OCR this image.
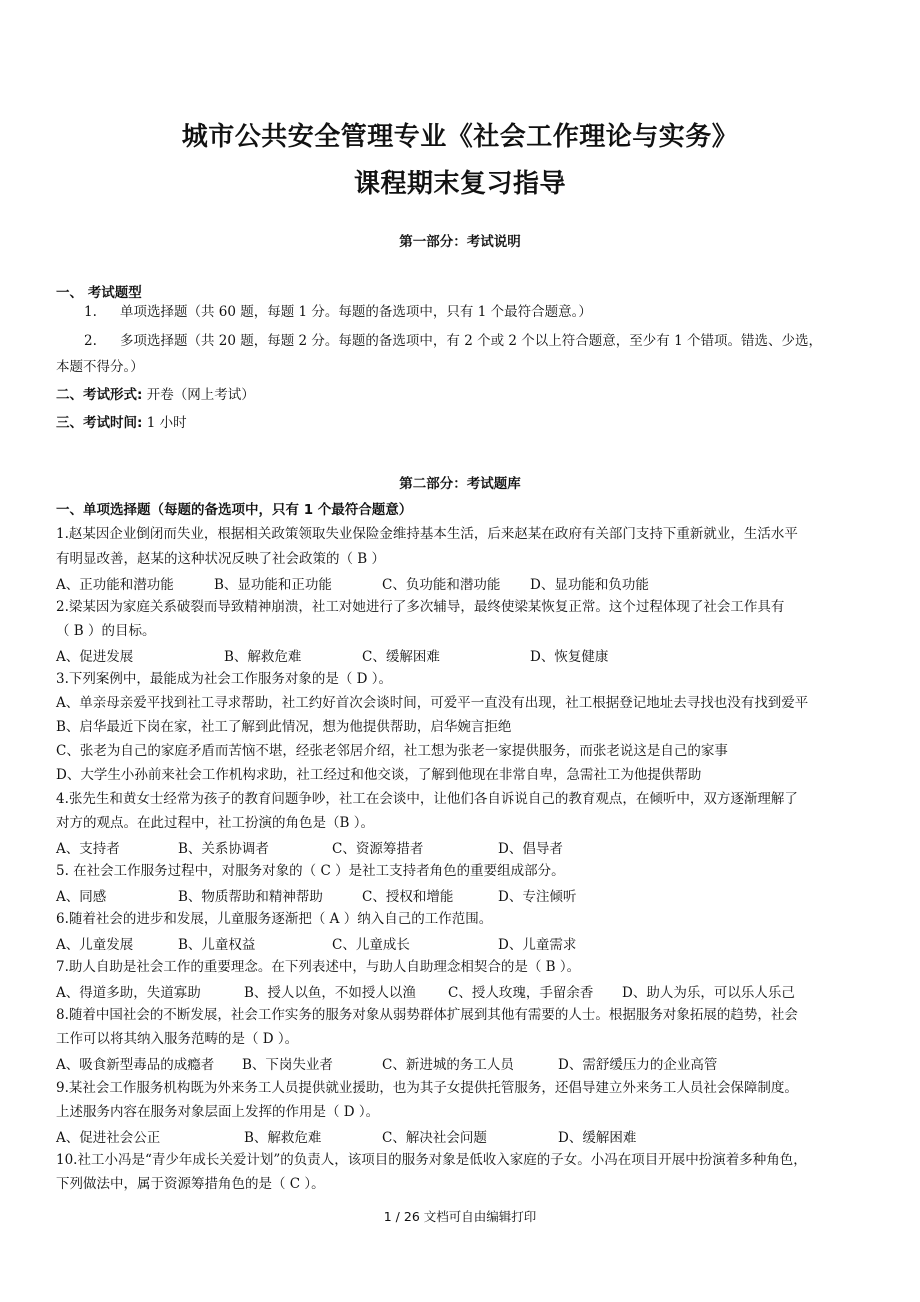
城市公共安全管理专业《社会工作理论与实务》
课程期末复习指导
第一部分：考试说明
一、 考试题型
1. 单项选择题（共 60 题，每题 1 分。每题的备选项中，只有 1 个最符合题意。）
2. 多项选择题（共 20 题，每题 2 分。每题的备选项中，有 2 个或 2 个以上符合题意，至少有 1 个错项。错选、少选，
本题不得分。）
二、考试形式: 开卷（网上考试）
三、考试时间: 1 小时
第二部分：考试题库
一、单项选择题（每题的备选项中，只有 1 个最符合题意）
1.赵某因企业倒闭而失业，根据相关政策领取失业保险金维持基本生活，后来赵某在政府有关部门支持下重新就业，生活水平
有明显改善，赵某的这种状况反映了社会政策的（ B ）
A、正功能和潜功能	B、显功能和正功能	C、负功能和潜功能 D、显功能和负功能
2.梁某因为家庭关系破裂而导致精神崩溃，社工对她进行了多次辅导，最终使梁某恢复正常。这个过程体现了社会工作具有
（ B ）的目标。
A、促进发展	B、解救危难	C、缓解困难	D、恢复健康
3.下列案例中，最能成为社会工作服务对象的是（ D ）。
A、单亲母亲爱平找到社工寻求帮助，社工约好首次会谈时间，可爱平一直没有出现，社工根据登记地址去寻找也没有找到爱平
B、启华最近下岗在家，社工了解到此情况，想为他提供帮助，启华婉言拒绝
C、张老为自己的家庭矛盾而苦恼不堪，经张老邻居介绍，社工想为张老一家提供服务，而张老说这是自己的家事
D、大学生小孙前来社会工作机构求助，社工经过和他交谈，了解到他现在非常自卑，急需社工为他提供帮助
4.张先生和黄女士经常为孩子的教育问题争吵，社工在会谈中，让他们各自诉说自己的教育观点，在倾听中，双方逐渐理解了
对方的观点。在此过程中，社工扮演的角色是（B ）。
A、支持者	B、关系协调者	C、资源筹措者	D、倡导者
5. 在社会工作服务过程中，对服务对象的（ C ）是社工支持者角色的重要组成部分。
A、同感	B、物质帮助和精神帮助	C、授权和增能	D、专注倾听
6.随着社会的进步和发展，儿童服务逐渐把（ A ）纳入自己的工作范围。
A、儿童发展	B、儿童权益	C、儿童成长	D、儿童需求
7.助人自助是社会工作的重要理念。在下列表述中，与助人自助理念相契合的是（ B ）。
A、得道多助，失道寡助	B、授人以鱼，不如授人以渔 C、授人玫瑰，手留余香 D、助人为乐，可以乐人乐己
8.随着中国社会的不断发展，社会工作实务的服务对象从弱势群体扩展到其他有需要的人士。根据服务对象拓展的趋势，社会
工作可以将其纳入服务范畴的是（ D ）。
A、吸食新型毒品的成瘾者 B、下岗失业者	C、新进城的务工人员	D、需舒缓压力的企业高管
9.某社会工作服务机构既为外来务工人员提供就业援助，也为其子女提供托管服务，还倡导建立外来务工人员社会保障制度。
上述服务内容在服务对象层面上发挥的作用是（ D ）。
A、促进社会公正	B、解救危难	C、解决社会问题	D、缓解困难
10.社工小冯是“青少年成长关爱计划”的负责人，该项目的服务对象是低收入家庭的子女。小冯在项目开展中扮演着多种角色，
下列做法中，属于资源筹措角色的是（ C ）。
1 / 26 文档可自由编辑打印
